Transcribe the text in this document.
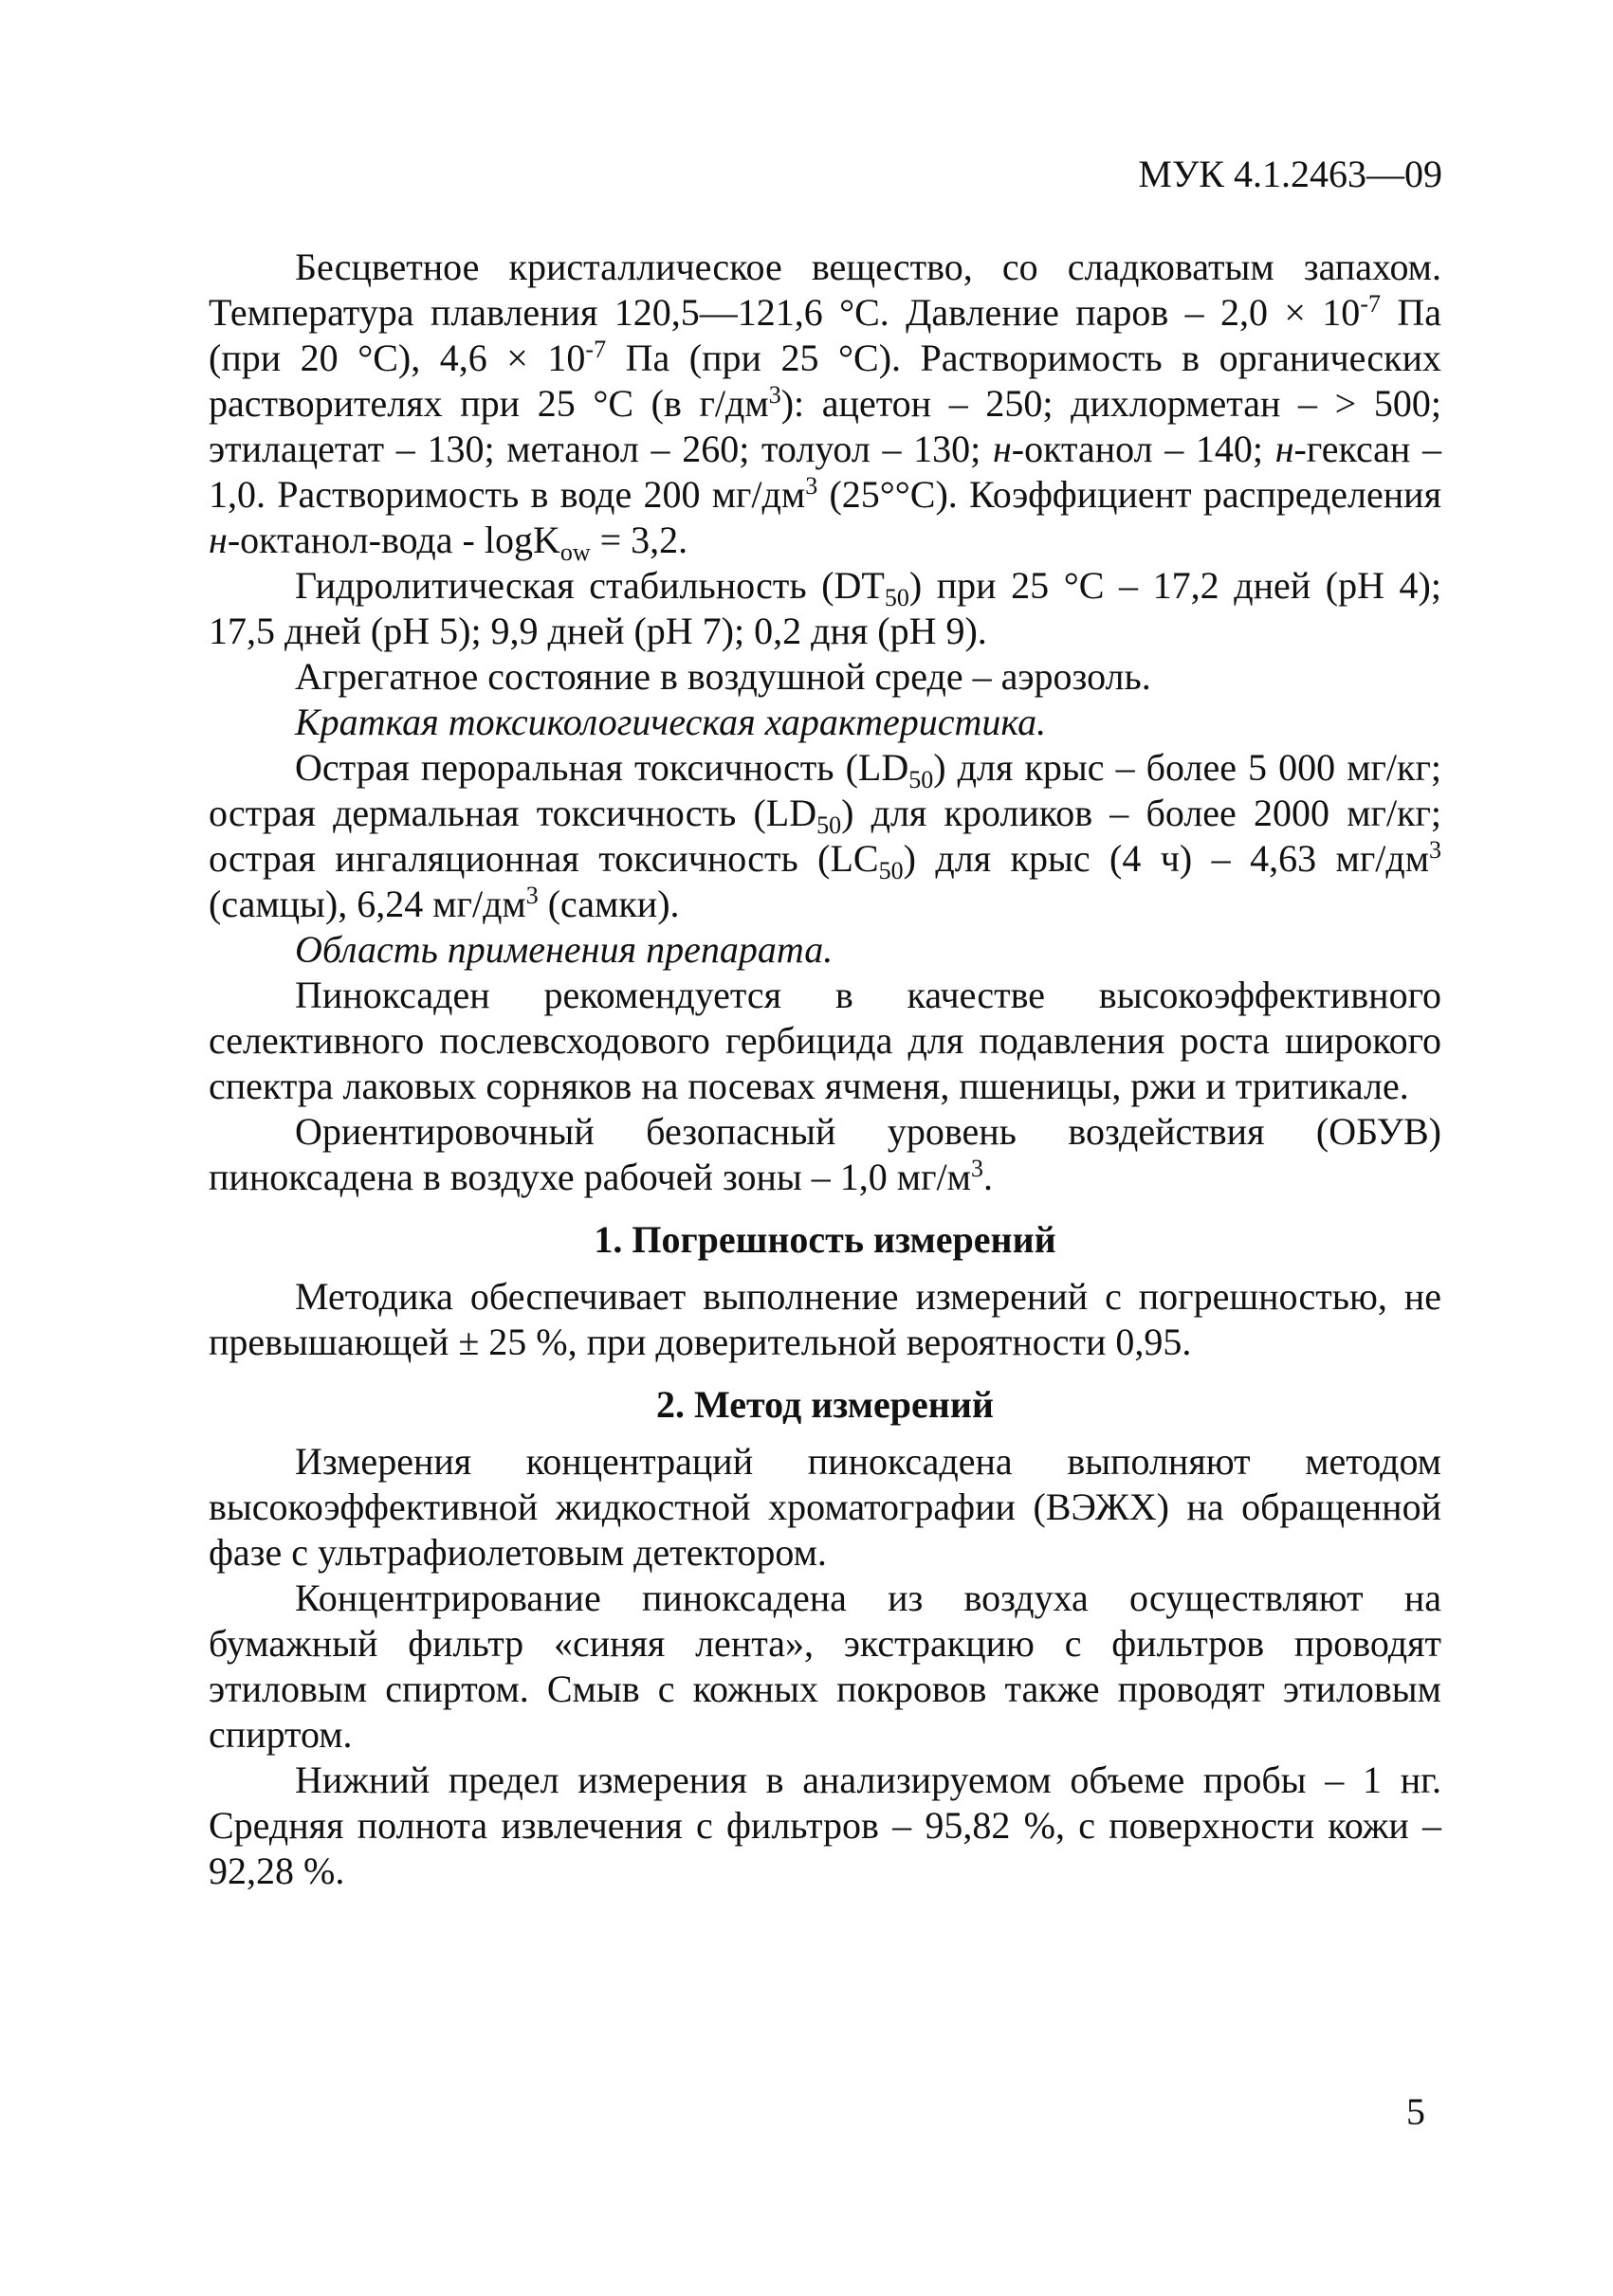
МУК 4.1.2463—09

Бесцветное кристаллическое вещество, со сладковатым запахом. Температура плавления 120,5—121,6 °С. Давление паров – $2,0 \times 10^{-7}$ Па (при 20 °С), $4,6 \times 10^{-7}$ Па (при 25 °С). Растворимость в органических растворителях при 25 °С (в $г/дм^3$): ацетон – 250; дихлорметан – > 500; этилацетат – 130; метанол – 260; толуол – 130; н-октанол – 140; н-гексан – 1,0. Растворимость в воде 200 $мг/дм^3$ (25°°С). Коэффициент распределения н-октанол-вода - logK$_{ow}$ = 3,2.

Гидролитическая стабильность $(DT_{50})$ при 25 °С – 17,2 дней (pH 4); 17,5 дней (pH 5); 9,9 дней (pH 7); 0,2 дня (pH 9).

Агрегатное состояние в воздушной среде – аэрозоль.

Краткая токсикологическая характеристика.

Острая пероральная токсичность $(LD_{50})$ для крыс – более 5 000 мг/кг; острая дермальная токсичность $(LD_{50})$ для кроликов – более 2000 мг/кг; острая ингаляционная токсичность $(LC_{50})$ для крыс (4 ч) – 4,63 $мг/дм^3$ (самцы), 6,24 $мг/дм^3$ (самки).

Область применения препарата.

Пиноксаден рекомендуется в качестве высокоэффективного селективного послевсходового гербицида для подавления роста широкого спектра лаковых сорняков на посевах ячменя, пшеницы, ржи и тритикале.

Ориентировочный безопасный уровень воздействия (ОБУВ) пиноксадена в воздухе рабочей зоны – 1,0 $мг/м^3$.

1. Погрешность измерений

Методика обеспечивает выполнение измерений с погрешностью, не превышающей ± 25 %, при доверительной вероятности 0,95.

2. Метод измерений

Измерения концентраций пиноксадена выполняют методом высокоэффективной жидкостной хроматографии (ВЭЖХ) на обращенной фазе с ультрафиолетовым детектором.

Концентрирование пиноксадена из воздуха осуществляют на бумажный фильтр «синяя лента», экстракцию с фильтров проводят этиловым спиртом. Смыв с кожных покровов также проводят этиловым спиртом.

Нижний предел измерения в анализируемом объеме пробы – 1 нг. Средняя полнота извлечения с фильтров – 95,82 %, с поверхности кожи – 92,28 %.

5
